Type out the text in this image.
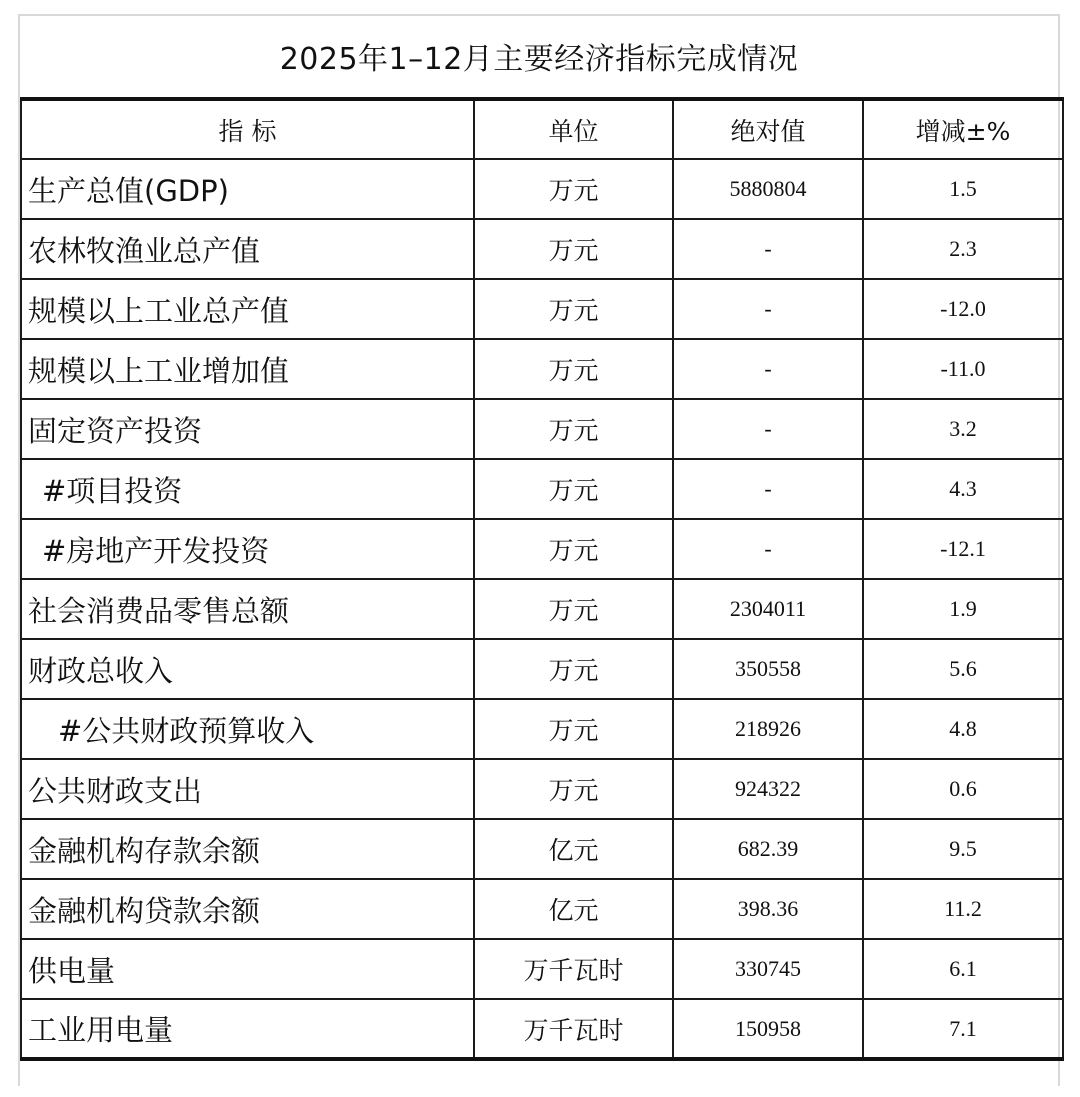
2025年1–12月主要经济指标完成情况
指 标	单位	绝对值	增减±%
生产总值(GDP)	万元	5880804	1.5
农林牧渔业总产值	万元	-	2.3
规模以上工业总产值	万元	-	-12.0
规模以上工业增加值	万元	-	-11.0
固定资产投资	万元	-	3.2
#项目投资	万元	-	4.3
#房地产开发投资	万元	-	-12.1
社会消费品零售总额	万元	2304011	1.9
财政总收入	万元	350558	5.6
#公共财政预算收入	万元	218926	4.8
公共财政支出	万元	924322	0.6
金融机构存款余额	亿元	682.39	9.5
金融机构贷款余额	亿元	398.36	11.2
供电量	万千瓦时	330745	6.1
工业用电量	万千瓦时	150958	7.1
